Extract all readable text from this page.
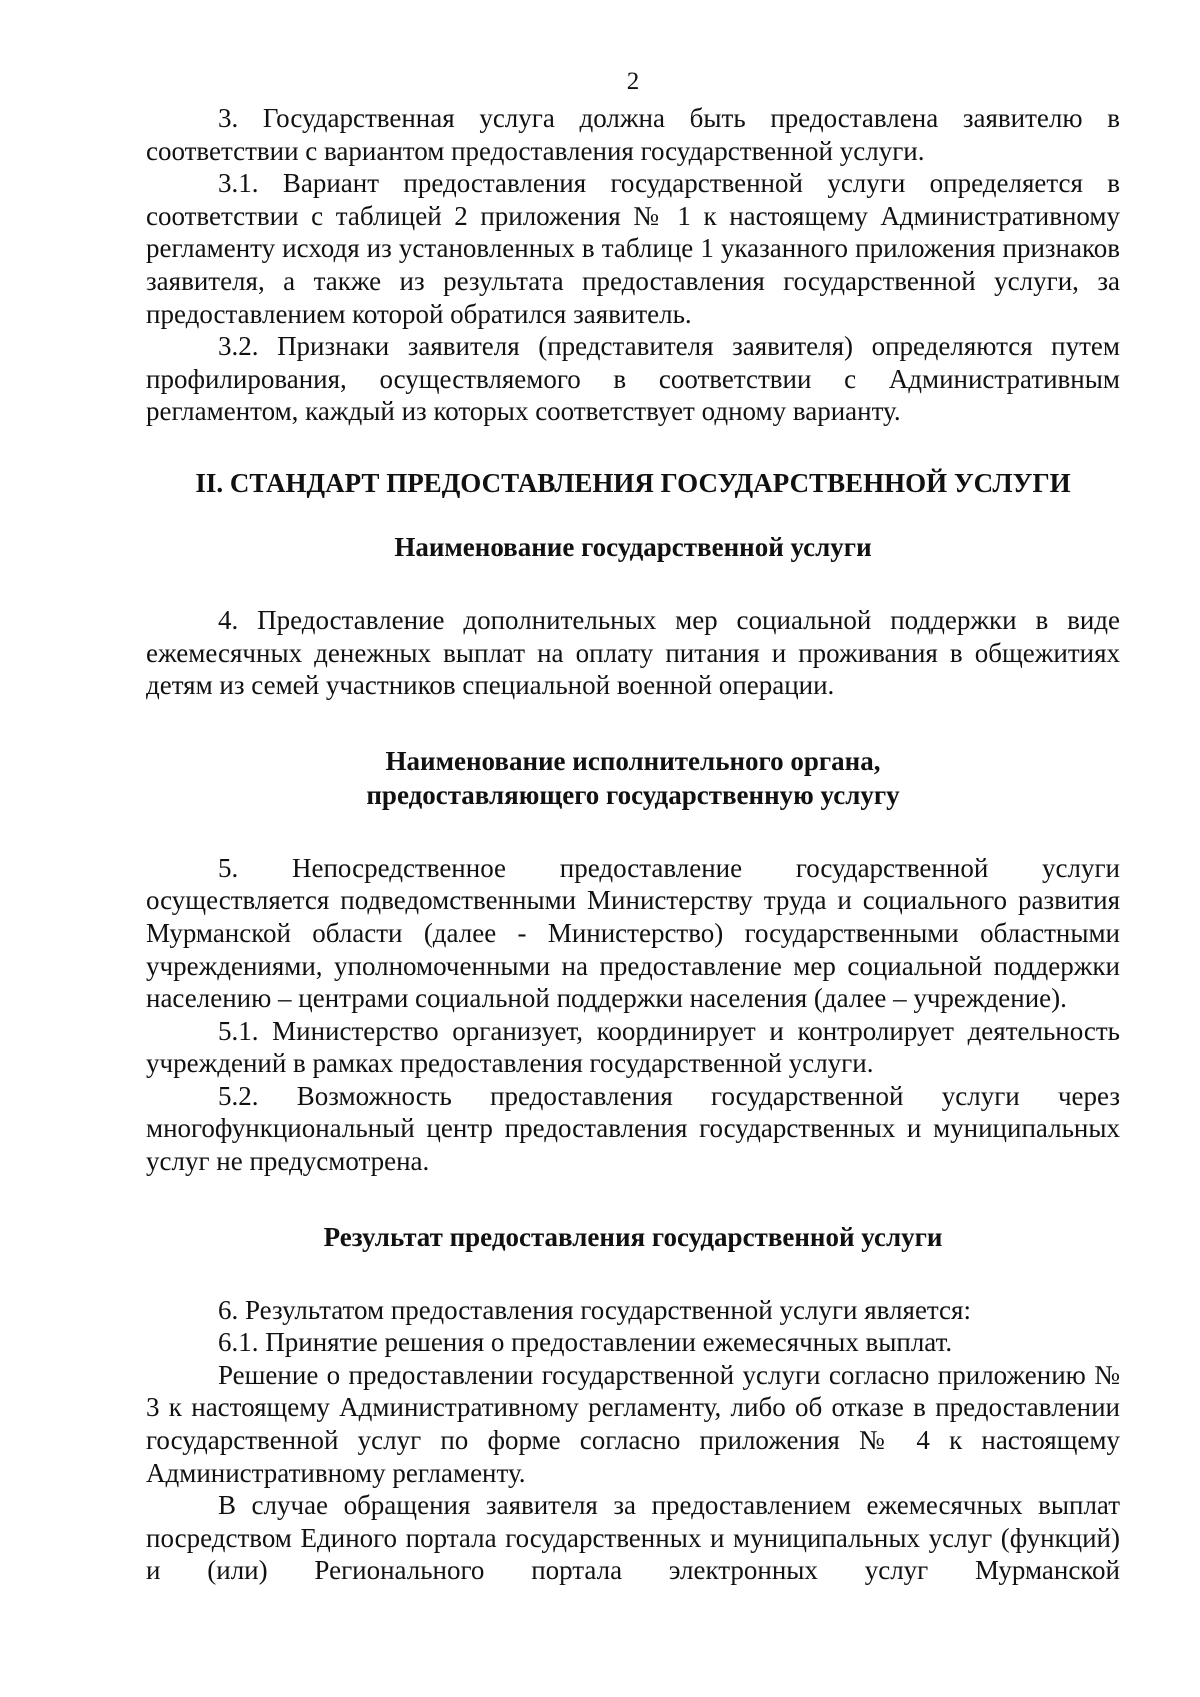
2

3. Государственная услуга должна быть предоставлена заявителю в соответствии с вариантом предоставления государственной услуги.

3.1. Вариант предоставления государственной услуги определяется в соответствии с таблицей 2 приложения № 1 к настоящему Административному регламенту исходя из установленных в таблице 1 указанного приложения признаков заявителя, а также из результата предоставления государственной услуги, за предоставлением которой обратился заявитель.

3.2. Признаки заявителя (представителя заявителя) определяются путем профилирования, осуществляемого в соответствии с Административным регламентом, каждый из которых соответствует одному варианту.

II. СТАНДАРТ ПРЕДОСТАВЛЕНИЯ ГОСУДАРСТВЕННОЙ УСЛУГИ
Наименование государственной услуги

4. Предоставление дополнительных мер социальной поддержки в виде ежемесячных денежных выплат на оплату питания и проживания в общежитиях детям из семей участников специальной военной операции.

Наименование исполнительного органа,
предоставляющего государственную услугу

5. Непосредственное предоставление государственной услуги осуществляется подведомственными Министерству труда и социального развития Мурманской области (далее - Министерство) государственными областными учреждениями, уполномоченными на предоставление мер социальной поддержки населению – центрами социальной поддержки населения (далее – учреждение).

5.1. Министерство организует, координирует и контролирует деятельность учреждений в рамках предоставления государственной услуги.

5.2. Возможность предоставления государственной услуги через многофункциональный центр предоставления государственных и муниципальных услуг не предусмотрена.

Результат предоставления государственной услуги

6. Результатом предоставления государственной услуги является:

6.1. Принятие решения о предоставлении ежемесячных выплат.

Решение о предоставлении государственной услуги согласно приложению № 3 к настоящему Административному регламенту, либо об отказе в предоставлении государственной услуг по форме согласно приложения № 4 к настоящему Административному регламенту.

В случае обращения заявителя за предоставлением ежемесячных выплат посредством Единого портала государственных и муниципальных услуг (функций) и (или) Регионального портала электронных услуг Мурманской
